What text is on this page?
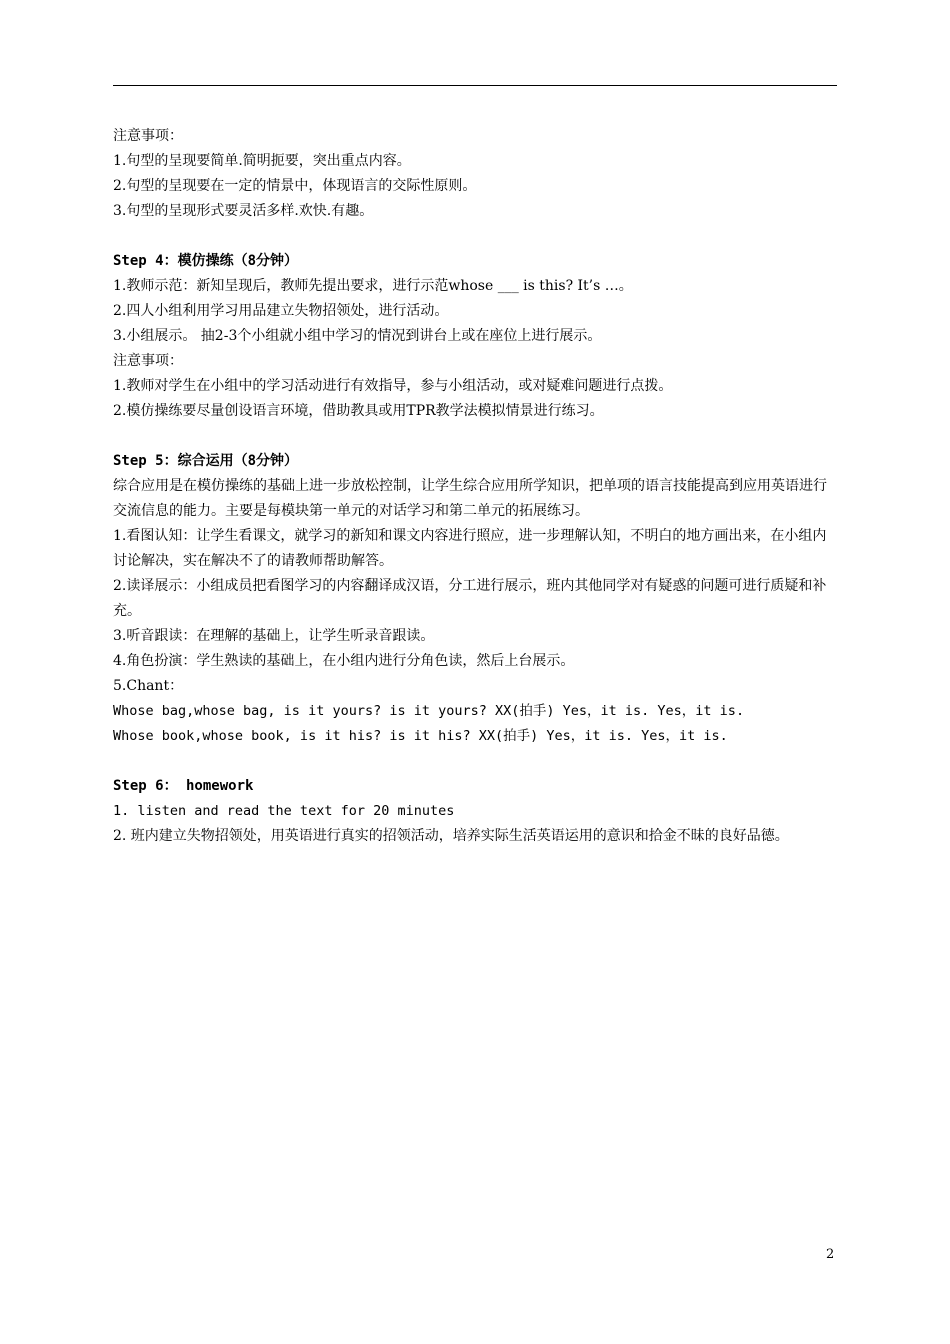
注意事项：

1.句型的呈现要简单.简明扼要，突出重点内容。

2.句型的呈现要在一定的情景中，体现语言的交际性原则。

3.句型的呈现形式要灵活多样.欢快.有趣。

Step 4：模仿操练（8分钟）

1.教师示范：新知呈现后，教师先提出要求，进行示范whose ___ is this? It’s …。

2.四人小组利用学习用品建立失物招领处，进行活动。

3.小组展示。 抽2-3个小组就小组中学习的情况到讲台上或在座位上进行展示。

注意事项：

1.教师对学生在小组中的学习活动进行有效指导，参与小组活动，或对疑难问题进行点拨。

2.模仿操练要尽量创设语言环境，借助教具或用TPR教学法模拟情景进行练习。

Step 5：综合运用（8分钟）

综合应用是在模仿操练的基础上进一步放松控制，让学生综合应用所学知识，把单项的语言技能提高到应用英语进行交流信息的能力。主要是每模块第一单元的对话学习和第二单元的拓展练习。

1.看图认知：让学生看课文，就学习的新知和课文内容进行照应，进一步理解认知，不明白的地方画出来，在小组内讨论解决，实在解决不了的请教师帮助解答。

2.读译展示：小组成员把看图学习的内容翻译成汉语，分工进行展示，班内其他同学对有疑惑的问题可进行质疑和补充。

3.听音跟读：在理解的基础上，让学生听录音跟读。

4.角色扮演：学生熟读的基础上，在小组内进行分角色读，然后上台展示。

5.Chant：

Whose bag,whose bag, is it yours? is it yours? XX(拍手) Yes，it is. Yes，it is.

Whose book,whose book, is it his? is it his? XX(拍手) Yes，it is. Yes，it is.

Step 6： homework

1. listen and read the text for 20 minutes

2. 班内建立失物招领处，用英语进行真实的招领活动，培养实际生活英语运用的意识和拾金不昧的良好品德。

2
